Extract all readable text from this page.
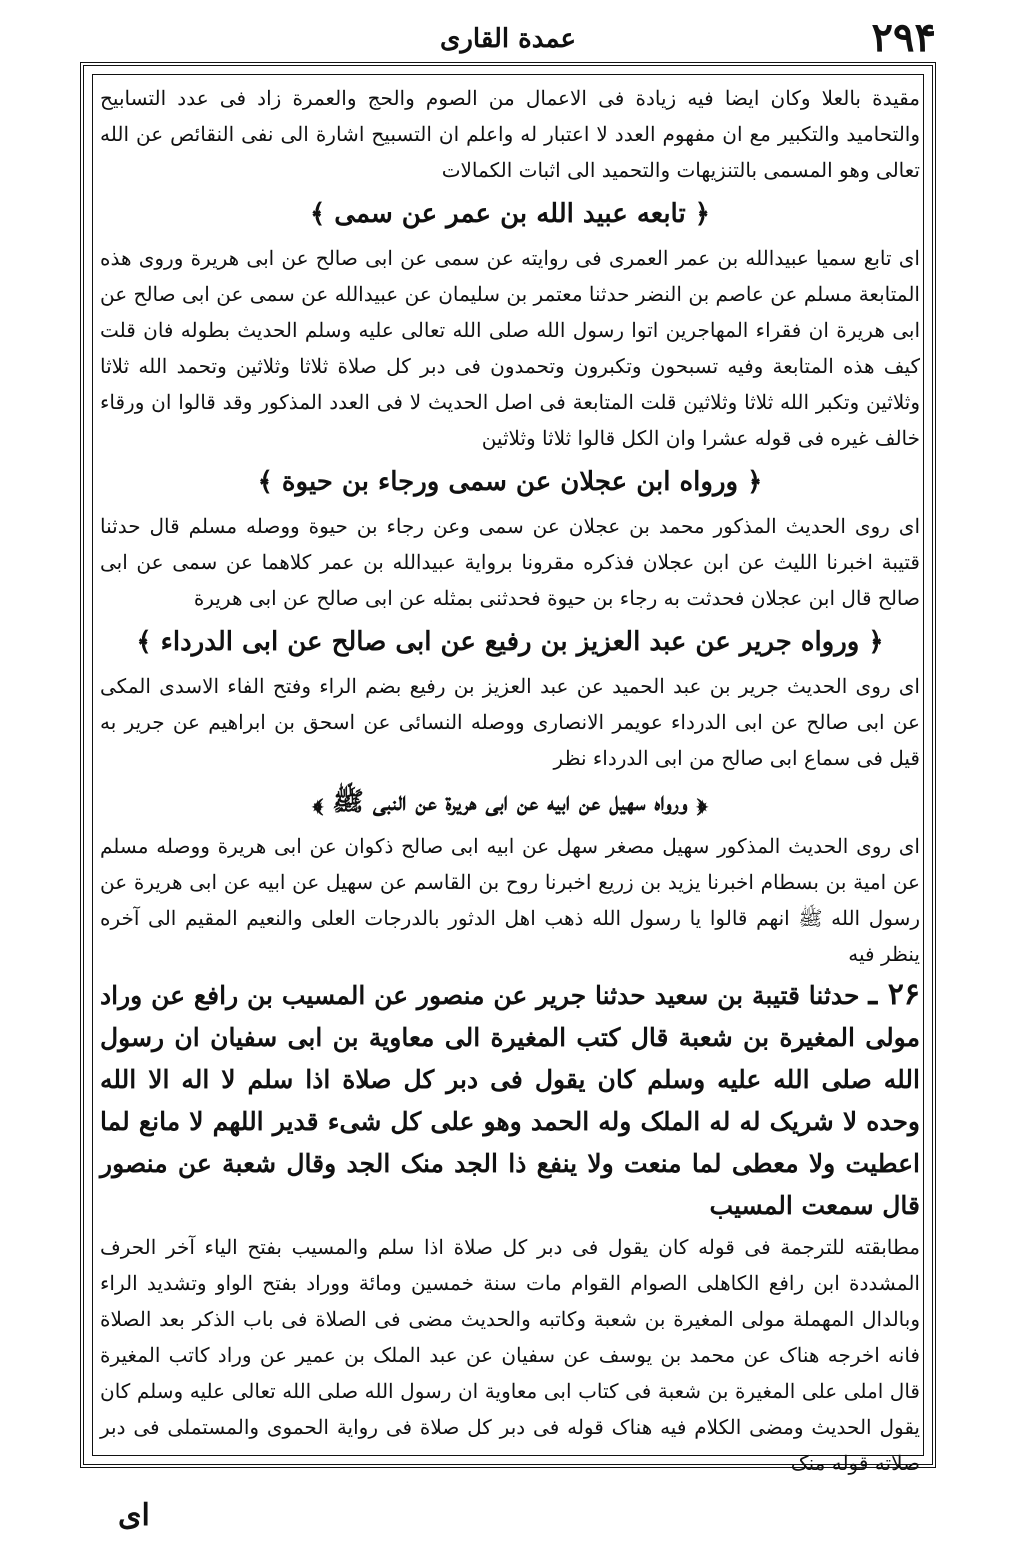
عمدة القاری	۲۹۴

مقیدة بالعلا وکان ایضا فیه زیادة فی الاعمال من الصوم والحج والعمرة زاد فی عدد التسابیح والتحامید والتکبیر مع ان مفهوم العدد لا اعتبار له واعلم ان التسبیح اشارة الی نفی النقائص عن الله تعالی وهو المسمی بالتنزیهات والتحمید الی اثبات الکمالات

﴿ تابعه عبید الله بن عمر عن سمی ﴾

ای تابع سمیا عبیدالله بن عمر العمری فی روایته عن سمی عن ابی صالح عن ابی هریرة وروی هذه المتابعة مسلم عن عاصم بن النضر حدثنا معتمر بن سلیمان عن عبیدالله عن سمی عن ابی صالح عن ابی هریرة ان فقراء المهاجرین اتوا رسول الله صلی الله تعالی علیه وسلم الحدیث بطوله فان قلت کیف هذه المتابعة وفیه تسبحون وتکبرون وتحمدون فی دبر کل صلاة ثلاثا وثلاثین وتحمد الله ثلاثا وثلاثین وتکبر الله ثلاثا وثلاثین قلت المتابعة فی اصل الحدیث لا فی العدد المذکور وقد قالوا ان ورقاء خالف غیره فی قوله عشرا وان الکل قالوا ثلاثا وثلاثین

﴿ ورواه ابن عجلان عن سمی ورجاء بن حیوة ﴾

ای روی الحدیث المذکور محمد بن عجلان عن سمی وعن رجاء بن حیوة ووصله مسلم قال حدثنا قتیبة اخبرنا اللیث عن ابن عجلان فذکره مقرونا بروایة عبیدالله بن عمر کلاهما عن سمی عن ابی صالح قال ابن عجلان فحدثت به رجاء بن حیوة فحدثنی بمثله عن ابی صالح عن ابی هریرة

﴿ ورواه جریر عن عبد العزیز بن رفیع عن ابی صالح عن ابی الدرداء ﴾

ای روی الحدیث جریر بن عبد الحمید عن عبد العزیز بن رفیع بضم الراء وفتح الفاء الاسدی المکی عن ابی صالح عن ابی الدرداء عویمر الانصاری ووصله النسائی عن اسحق بن ابراهیم عن جریر به قیل فی سماع ابی صالح من ابی الدرداء نظر

﴿ ورواه سهیل عن ابیه عن ابی هریرة عن النبی ﷺ ﴾

ای روی الحدیث المذکور سهیل مصغر سهل عن ابیه ابی صالح ذکوان عن ابی هریرة ووصله مسلم عن امیة بن بسطام اخبرنا یزید بن زریع اخبرنا روح بن القاسم عن سهیل عن ابیه عن ابی هریرة عن رسول الله ﷺ انهم قالوا یا رسول الله ذهب اهل الدثور بالدرجات العلی والنعیم المقیم الی آخره ینظر فیه

۲۶ ـ حدثنا قتیبة بن سعید حدثنا جریر عن منصور عن المسیب بن رافع عن وراد مولی المغیرة بن شعبة قال کتب المغیرة الی معاویة بن ابی سفیان ان رسول الله صلی الله علیه وسلم کان یقول فی دبر کل صلاة اذا سلم لا اله الا الله وحده لا شریک له له الملک وله الحمد وهو علی کل شیء قدیر اللهم لا مانع لما اعطیت ولا معطی لما منعت ولا ینفع ذا الجد منک الجد وقال شعبة عن منصور قال سمعت المسیب

مطابقته للترجمة فی قوله کان یقول فی دبر کل صلاة اذا سلم والمسیب بفتح الیاء آخر الحرف المشددة ابن رافع الکاهلی الصوام القوام مات سنة خمسین ومائة ووراد بفتح الواو وتشدید الراء وبالدال المهملة مولی المغیرة بن شعبة وکاتبه والحدیث مضی فی الصلاة فی باب الذکر بعد الصلاة فانه اخرجه هناک عن محمد بن یوسف عن سفیان عن عبد الملک بن عمیر عن وراد کاتب المغیرة قال املی علی المغیرة بن شعبة فی کتاب ابی معاویة ان رسول الله صلی الله تعالی علیه وسلم کان یقول الحدیث ومضی الکلام فیه هناک قوله فی دبر کل صلاة فی روایة الحموی والمستملی فی دبر صلاته قوله منک

ای
